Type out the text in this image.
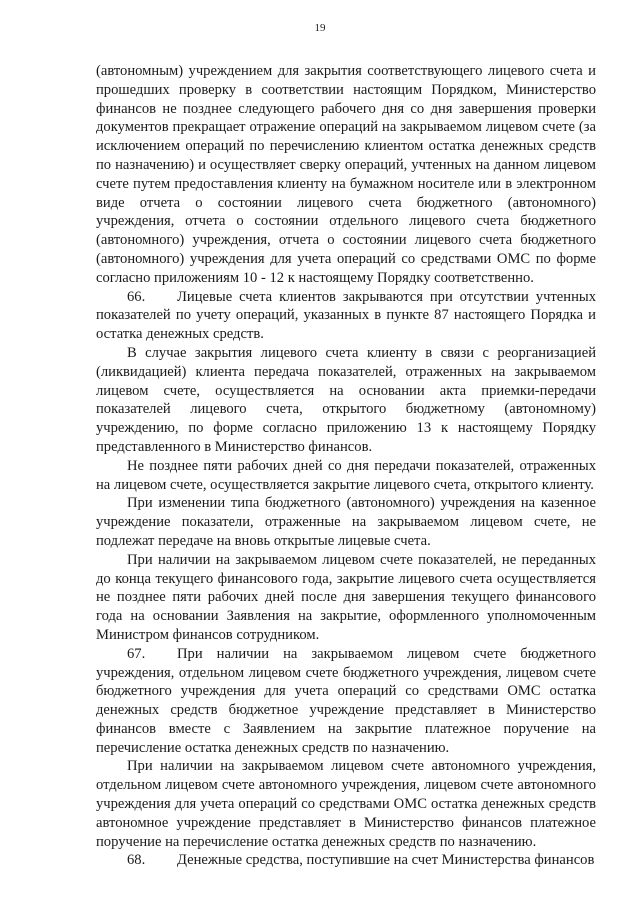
19

(автономным) учреждением для закрытия соответствующего лицевого счета и прошедших проверку в соответствии настоящим Порядком, Министерство финансов не позднее следующего рабочего дня со дня завершения проверки документов прекращает отражение операций на закрываемом лицевом счете (за исключением операций по перечислению клиентом остатка денежных средств по назначению) и осуществляет сверку операций, учтенных на данном лицевом счете путем предоставления клиенту на бумажном носителе или в электронном виде отчета о состоянии лицевого счета бюджетного (автономного) учреждения, отчета о состоянии отдельного лицевого счета бюджетного (автономного) учреждения, отчета о состоянии лицевого счета бюджетного (автономного) учреждения для учета операций со средствами ОМС по форме согласно приложениям 10 - 12 к настоящему Порядку соответственно.

66. Лицевые счета клиентов закрываются при отсутствии учтенных показателей по учету операций, указанных в пункте 87 настоящего Порядка и остатка денежных средств.

В случае закрытия лицевого счета клиенту в связи с реорганизацией (ликвидацией) клиента передача показателей, отраженных на закрываемом лицевом счете, осуществляется на основании акта приемки-передачи показателей лицевого счета, открытого бюджетному (автономному) учреждению, по форме согласно приложению 13 к настоящему Порядку представленного в Министерство финансов.

Не позднее пяти рабочих дней со дня передачи показателей, отраженных на лицевом счете, осуществляется закрытие лицевого счета, открытого клиенту.

При изменении типа бюджетного (автономного) учреждения на казенное учреждение показатели, отраженные на закрываемом лицевом счете, не подлежат передаче на вновь открытые лицевые счета.

При наличии на закрываемом лицевом счете показателей, не переданных до конца текущего финансового года, закрытие лицевого счета осуществляется не позднее пяти рабочих дней после дня завершения текущего финансового года на основании Заявления на закрытие, оформленного уполномоченным Министром финансов сотрудником.

67. При наличии на закрываемом лицевом счете бюджетного учреждения, отдельном лицевом счете бюджетного учреждения, лицевом счете бюджетного учреждения для учета операций со средствами ОМС остатка денежных средств бюджетное учреждение представляет в Министерство финансов вместе с Заявлением на закрытие платежное поручение на перечисление остатка денежных средств по назначению.

При наличии на закрываемом лицевом счете автономного учреждения, отдельном лицевом счете автономного учреждения, лицевом счете автономного учреждения для учета операций со средствами ОМС остатка денежных средств автономное учреждение представляет в Министерство финансов платежное поручение на перечисление остатка денежных средств по назначению.

68. Денежные средства, поступившие на счет Министерства финансов
